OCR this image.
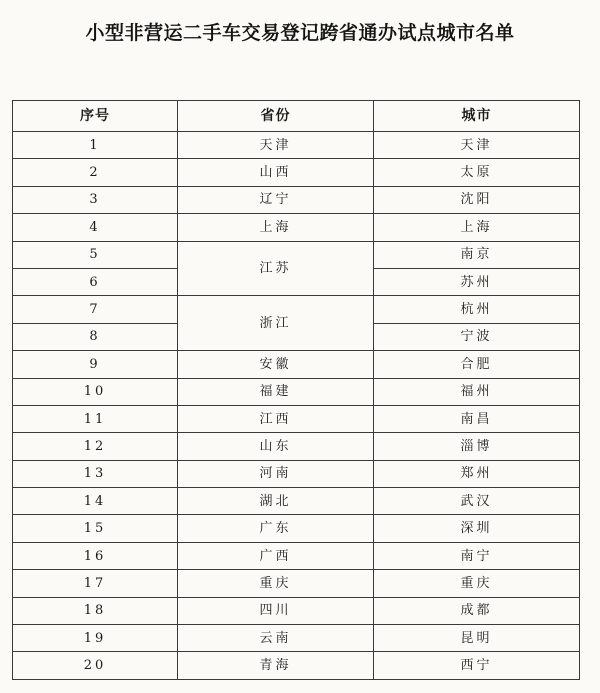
小型非营运二手车交易登记跨省通办试点城市名单
序号	省份	城市
1	天津	天津
2	山西	太原
3	辽宁	沈阳
4	上海	上海
5	江苏	南京
6		苏州
7	浙江	杭州
8		宁波
9	安徽	合肥
10	福建	福州
11	江西	南昌
12	山东	淄博
13	河南	郑州
14	湖北	武汉
15	广东	深圳
16	广西	南宁
17	重庆	重庆
18	四川	成都
19	云南	昆明
20	青海	西宁
